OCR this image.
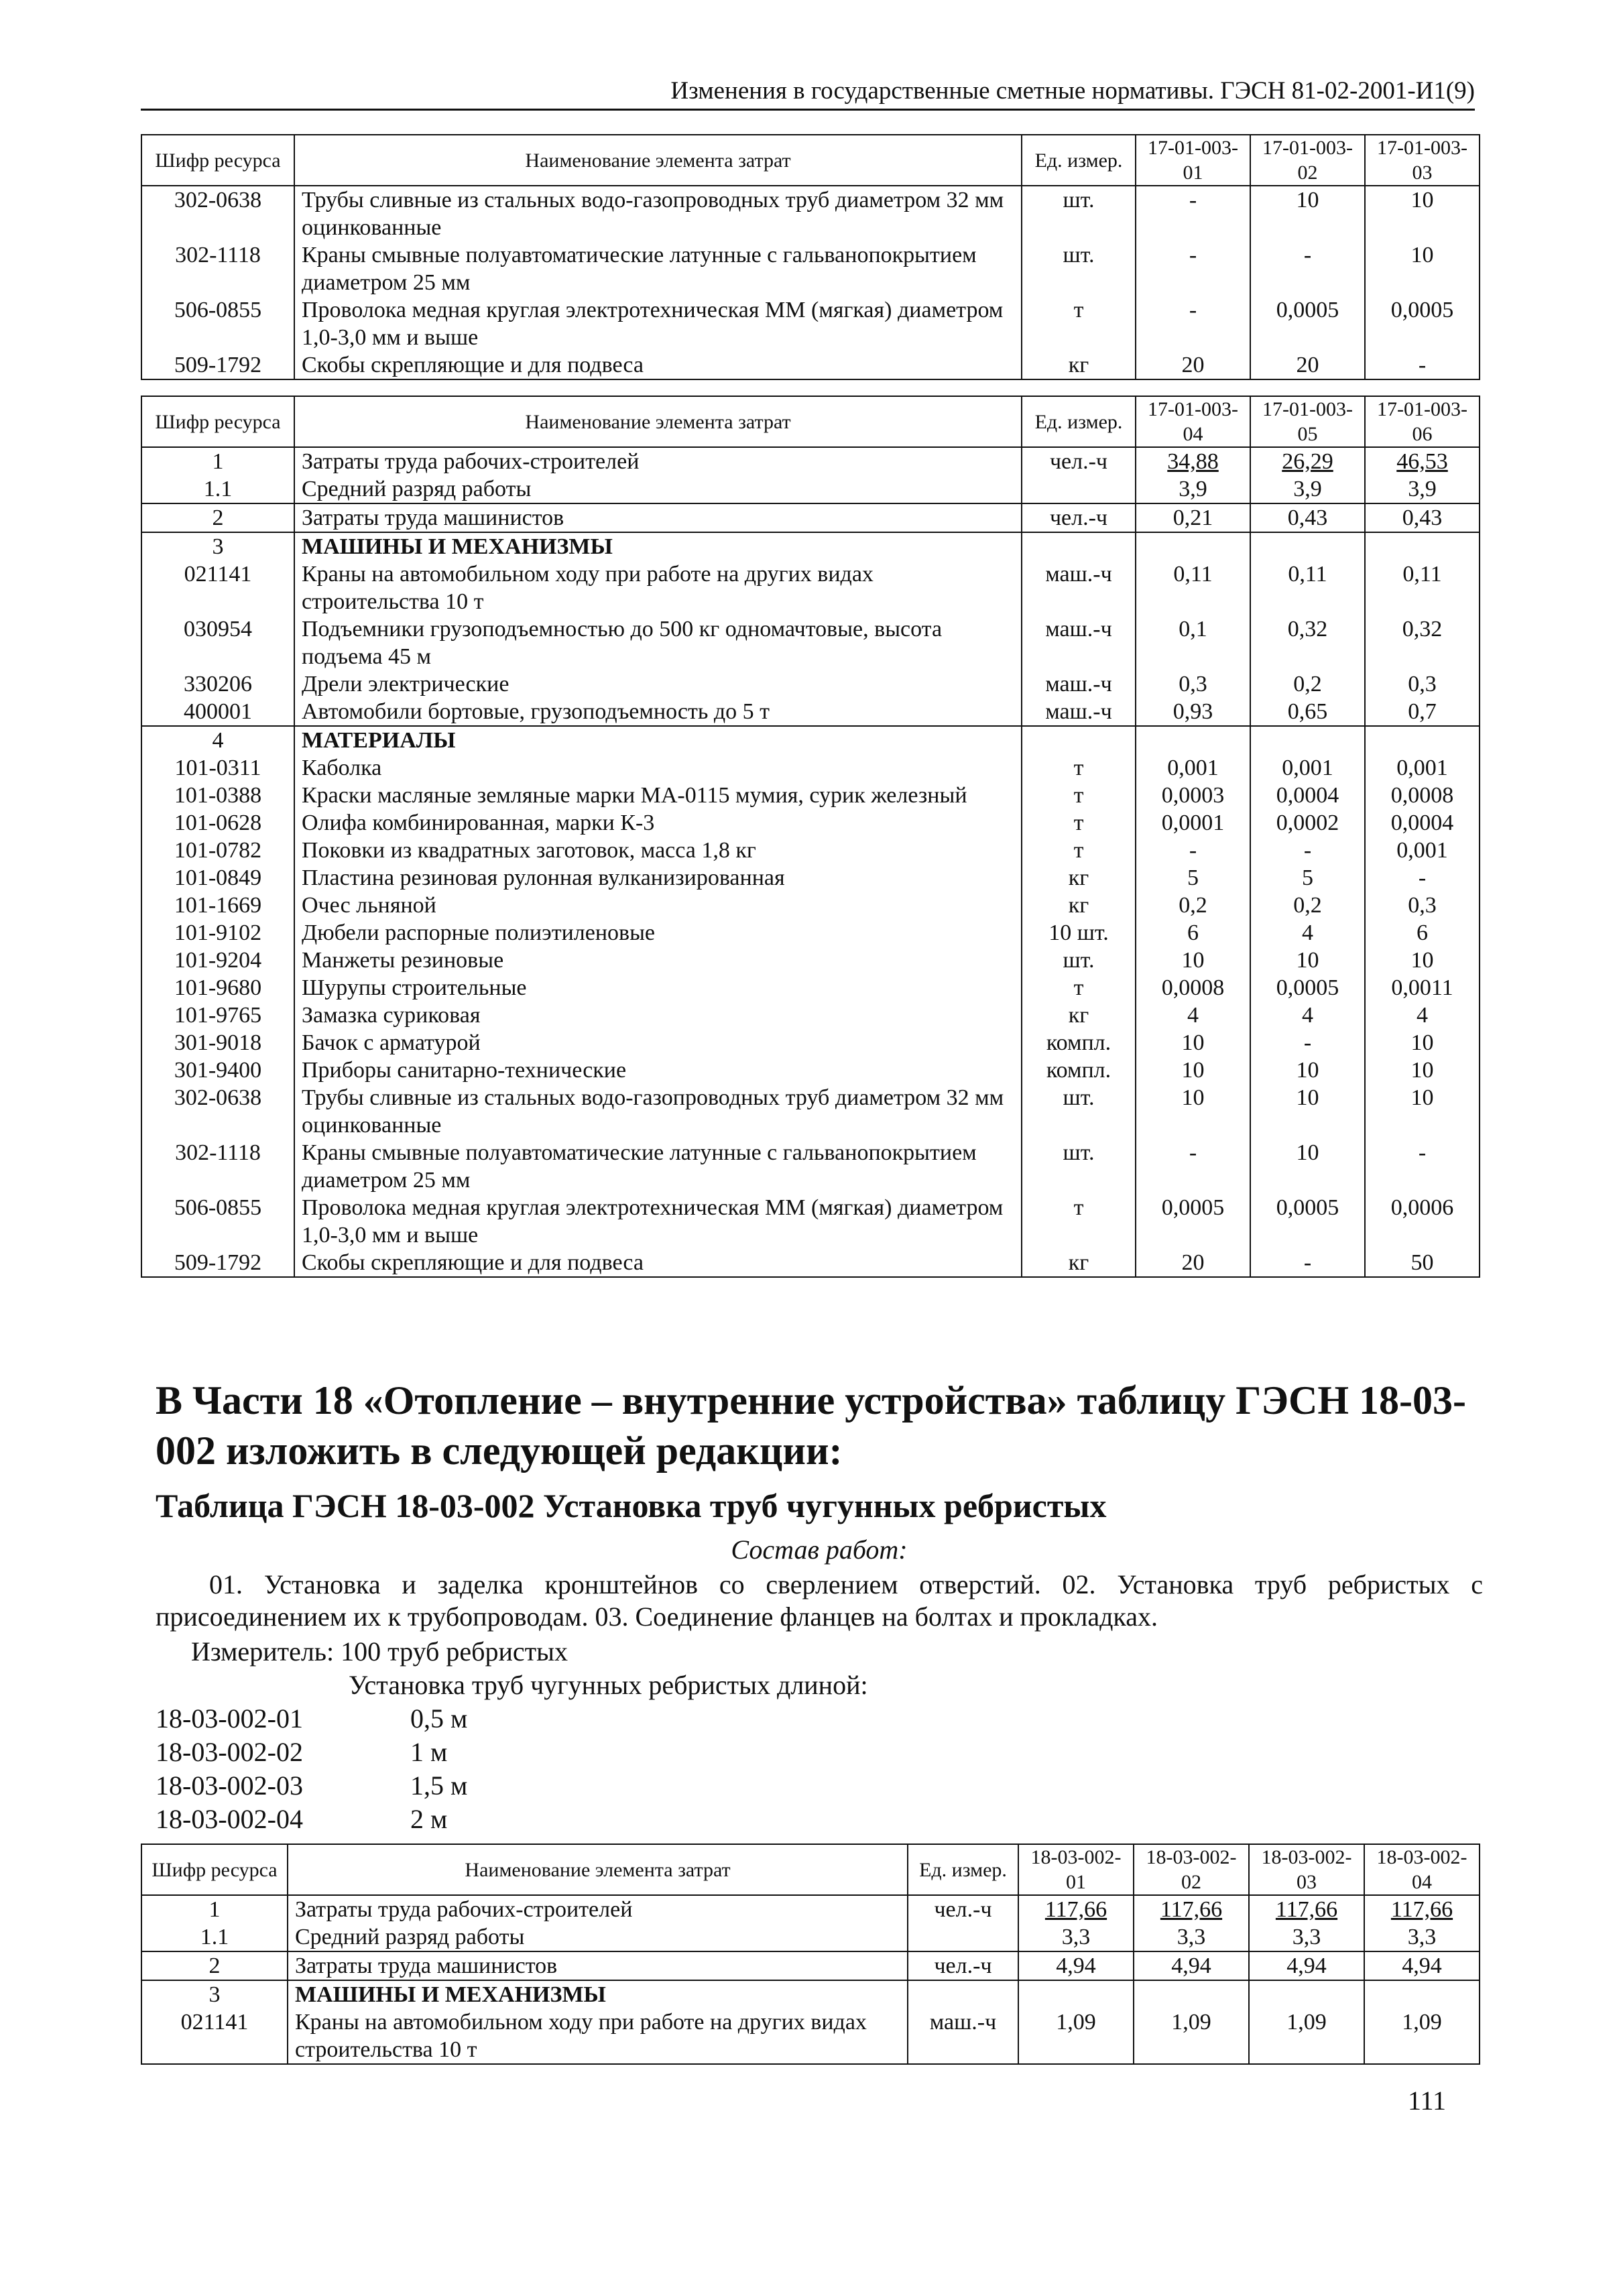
Изменения в государственные сметные нормативы. ГЭСН 81-02-2001-И1(9)
Шифр ресурса	Наименование элемента затрат	Ед. измер.	17-01-003-01	17-01-003-02	17-01-003-03
302-0638	Трубы сливные из стальных водо-газопроводных труб диаметром 32 мм оцинкованные	шт.	-	10	10
302-1118	Краны смывные полуавтоматические латунные с гальванопокрытием диаметром 25 мм	шт.	-	-	10
506-0855	Проволока медная круглая электротехническая ММ (мягкая) диаметром 1,0-3,0 мм и выше	т	-	0,0005	0,0005
509-1792	Скобы скрепляющие и для подвеса	кг	20	20	-
Шифр ресурса	Наименование элемента затрат	Ед. измер.	17-01-003-04	17-01-003-05	17-01-003-06
1	Затраты труда рабочих-строителей	чел.-ч	34,88	26,29	46,53
1.1	Средний разряд работы		3,9	3,9	3,9
2	Затраты труда машинистов	чел.-ч	0,21	0,43	0,43
3	МАШИНЫ И МЕХАНИЗМЫ				
021141	Краны на автомобильном ходу при работе на других видах строительства 10 т	маш.-ч	0,11	0,11	0,11
030954	Подъемники грузоподъемностью до 500 кг одномачтовые, высота подъема 45 м	маш.-ч	0,1	0,32	0,32
330206	Дрели электрические	маш.-ч	0,3	0,2	0,3
400001	Автомобили бортовые, грузоподъемность до 5 т	маш.-ч	0,93	0,65	0,7
4	МАТЕРИАЛЫ				
101-0311	Каболка	т	0,001	0,001	0,001
101-0388	Краски масляные земляные марки МА-0115 мумия, сурик железный	т	0,0003	0,0004	0,0008
101-0628	Олифа комбинированная, марки К-3	т	0,0001	0,0002	0,0004
101-0782	Поковки из квадратных заготовок, масса 1,8 кг	т	-	-	0,001
101-0849	Пластина резиновая рулонная вулканизированная	кг	5	5	-
101-1669	Очес льняной	кг	0,2	0,2	0,3
101-9102	Дюбели распорные полиэтиленовые	10 шт.	6	4	6
101-9204	Манжеты резиновые	шт.	10	10	10
101-9680	Шурупы строительные	т	0,0008	0,0005	0,0011
101-9765	Замазка суриковая	кг	4	4	4
301-9018	Бачок с арматурой	компл.	10	-	10
301-9400	Приборы санитарно-технические	компл.	10	10	10
302-0638	Трубы сливные из стальных водо-газопроводных труб диаметром 32 мм оцинкованные	шт.	10	10	10
302-1118	Краны смывные полуавтоматические латунные с гальванопокрытием диаметром 25 мм	шт.	-	10	-
506-0855	Проволока медная круглая электротехническая ММ (мягкая) диаметром 1,0-3,0 мм и выше	т	0,0005	0,0005	0,0006
509-1792	Скобы скрепляющие и для подвеса	кг	20	-	50
В Части 18 «Отопление – внутренние устройства» таблицу ГЭСН 18-03-002 изложить в следующей редакции:
Таблица ГЭСН 18-03-002 Установка труб чугунных ребристых
Состав работ:
01. Установка и заделка кронштейнов со сверлением отверстий. 02. Установка труб ребристых с присоединением их к трубопроводам. 03. Соединение фланцев на болтах и прокладках.
Измеритель: 100 труб ребристых
Установка труб чугунных ребристых длиной:
18-03-002-01	0,5 м
18-03-002-02	1 м
18-03-002-03	1,5 м
18-03-002-04	2 м
Шифр ресурса	Наименование элемента затрат	Ед. измер.	18-03-002-01	18-03-002-02	18-03-002-03	18-03-002-04
1	Затраты труда рабочих-строителей	чел.-ч	117,66	117,66	117,66	117,66
1.1	Средний разряд работы		3,3	3,3	3,3	3,3
2	Затраты труда машинистов	чел.-ч	4,94	4,94	4,94	4,94
3	МАШИНЫ И МЕХАНИЗМЫ					
021141	Краны на автомобильном ходу при работе на других видах строительства 10 т	маш.-ч	1,09	1,09	1,09	1,09
111
